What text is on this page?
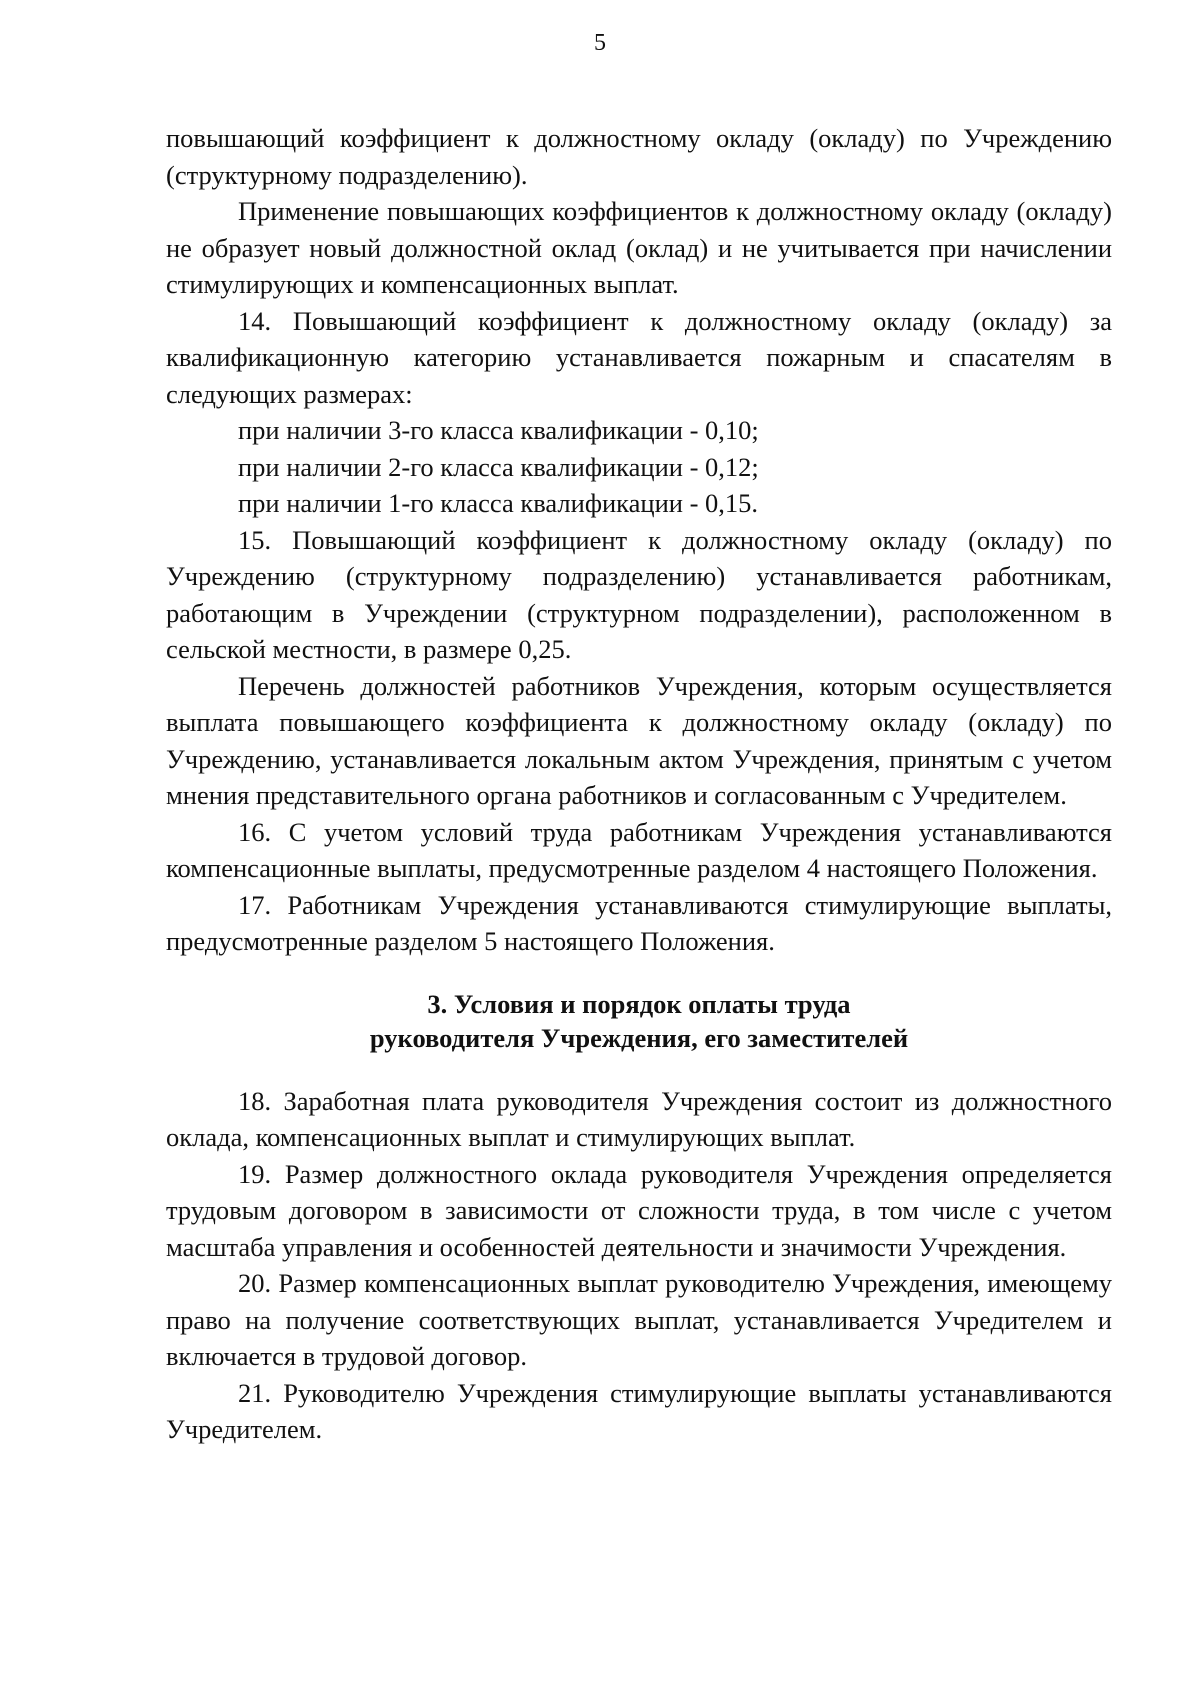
5

повышающий коэффициент к должностному окладу (окладу) по Учреждению (структурному подразделению).

Применение повышающих коэффициентов к должностному окладу (окладу) не образует новый должностной оклад (оклад) и не учитывается при начислении стимулирующих и компенсационных выплат.

14. Повышающий коэффициент к должностному окладу (окладу) за квалификационную категорию устанавливается пожарным и спасателям в следующих размерах:

при наличии 3-го класса квалификации - 0,10;

при наличии 2-го класса квалификации - 0,12;

при наличии 1-го класса квалификации - 0,15.

15. Повышающий коэффициент к должностному окладу (окладу) по Учреждению (структурному подразделению) устанавливается работникам, работающим в Учреждении (структурном подразделении), расположенном в сельской местности, в размере 0,25.

Перечень должностей работников Учреждения, которым осуществляется выплата повышающего коэффициента к должностному окладу (окладу) по Учреждению, устанавливается локальным актом Учреждения, принятым с учетом мнения представительного органа работников и согласованным с Учредителем.

16. С учетом условий труда работникам Учреждения устанавливаются компенсационные выплаты, предусмотренные разделом 4 настоящего Положения.

17. Работникам Учреждения устанавливаются стимулирующие выплаты, предусмотренные разделом 5 настоящего Положения.

3. Условия и порядок оплаты труда
руководителя Учреждения, его заместителей

18. Заработная плата руководителя Учреждения состоит из должностного оклада, компенсационных выплат и стимулирующих выплат.

19. Размер должностного оклада руководителя Учреждения определяется трудовым договором в зависимости от сложности труда, в том числе с учетом масштаба управления и особенностей деятельности и значимости Учреждения.

20. Размер компенсационных выплат руководителю Учреждения, имеющему право на получение соответствующих выплат, устанавливается Учредителем и включается в трудовой договор.

21. Руководителю Учреждения стимулирующие выплаты устанавливаются Учредителем.
